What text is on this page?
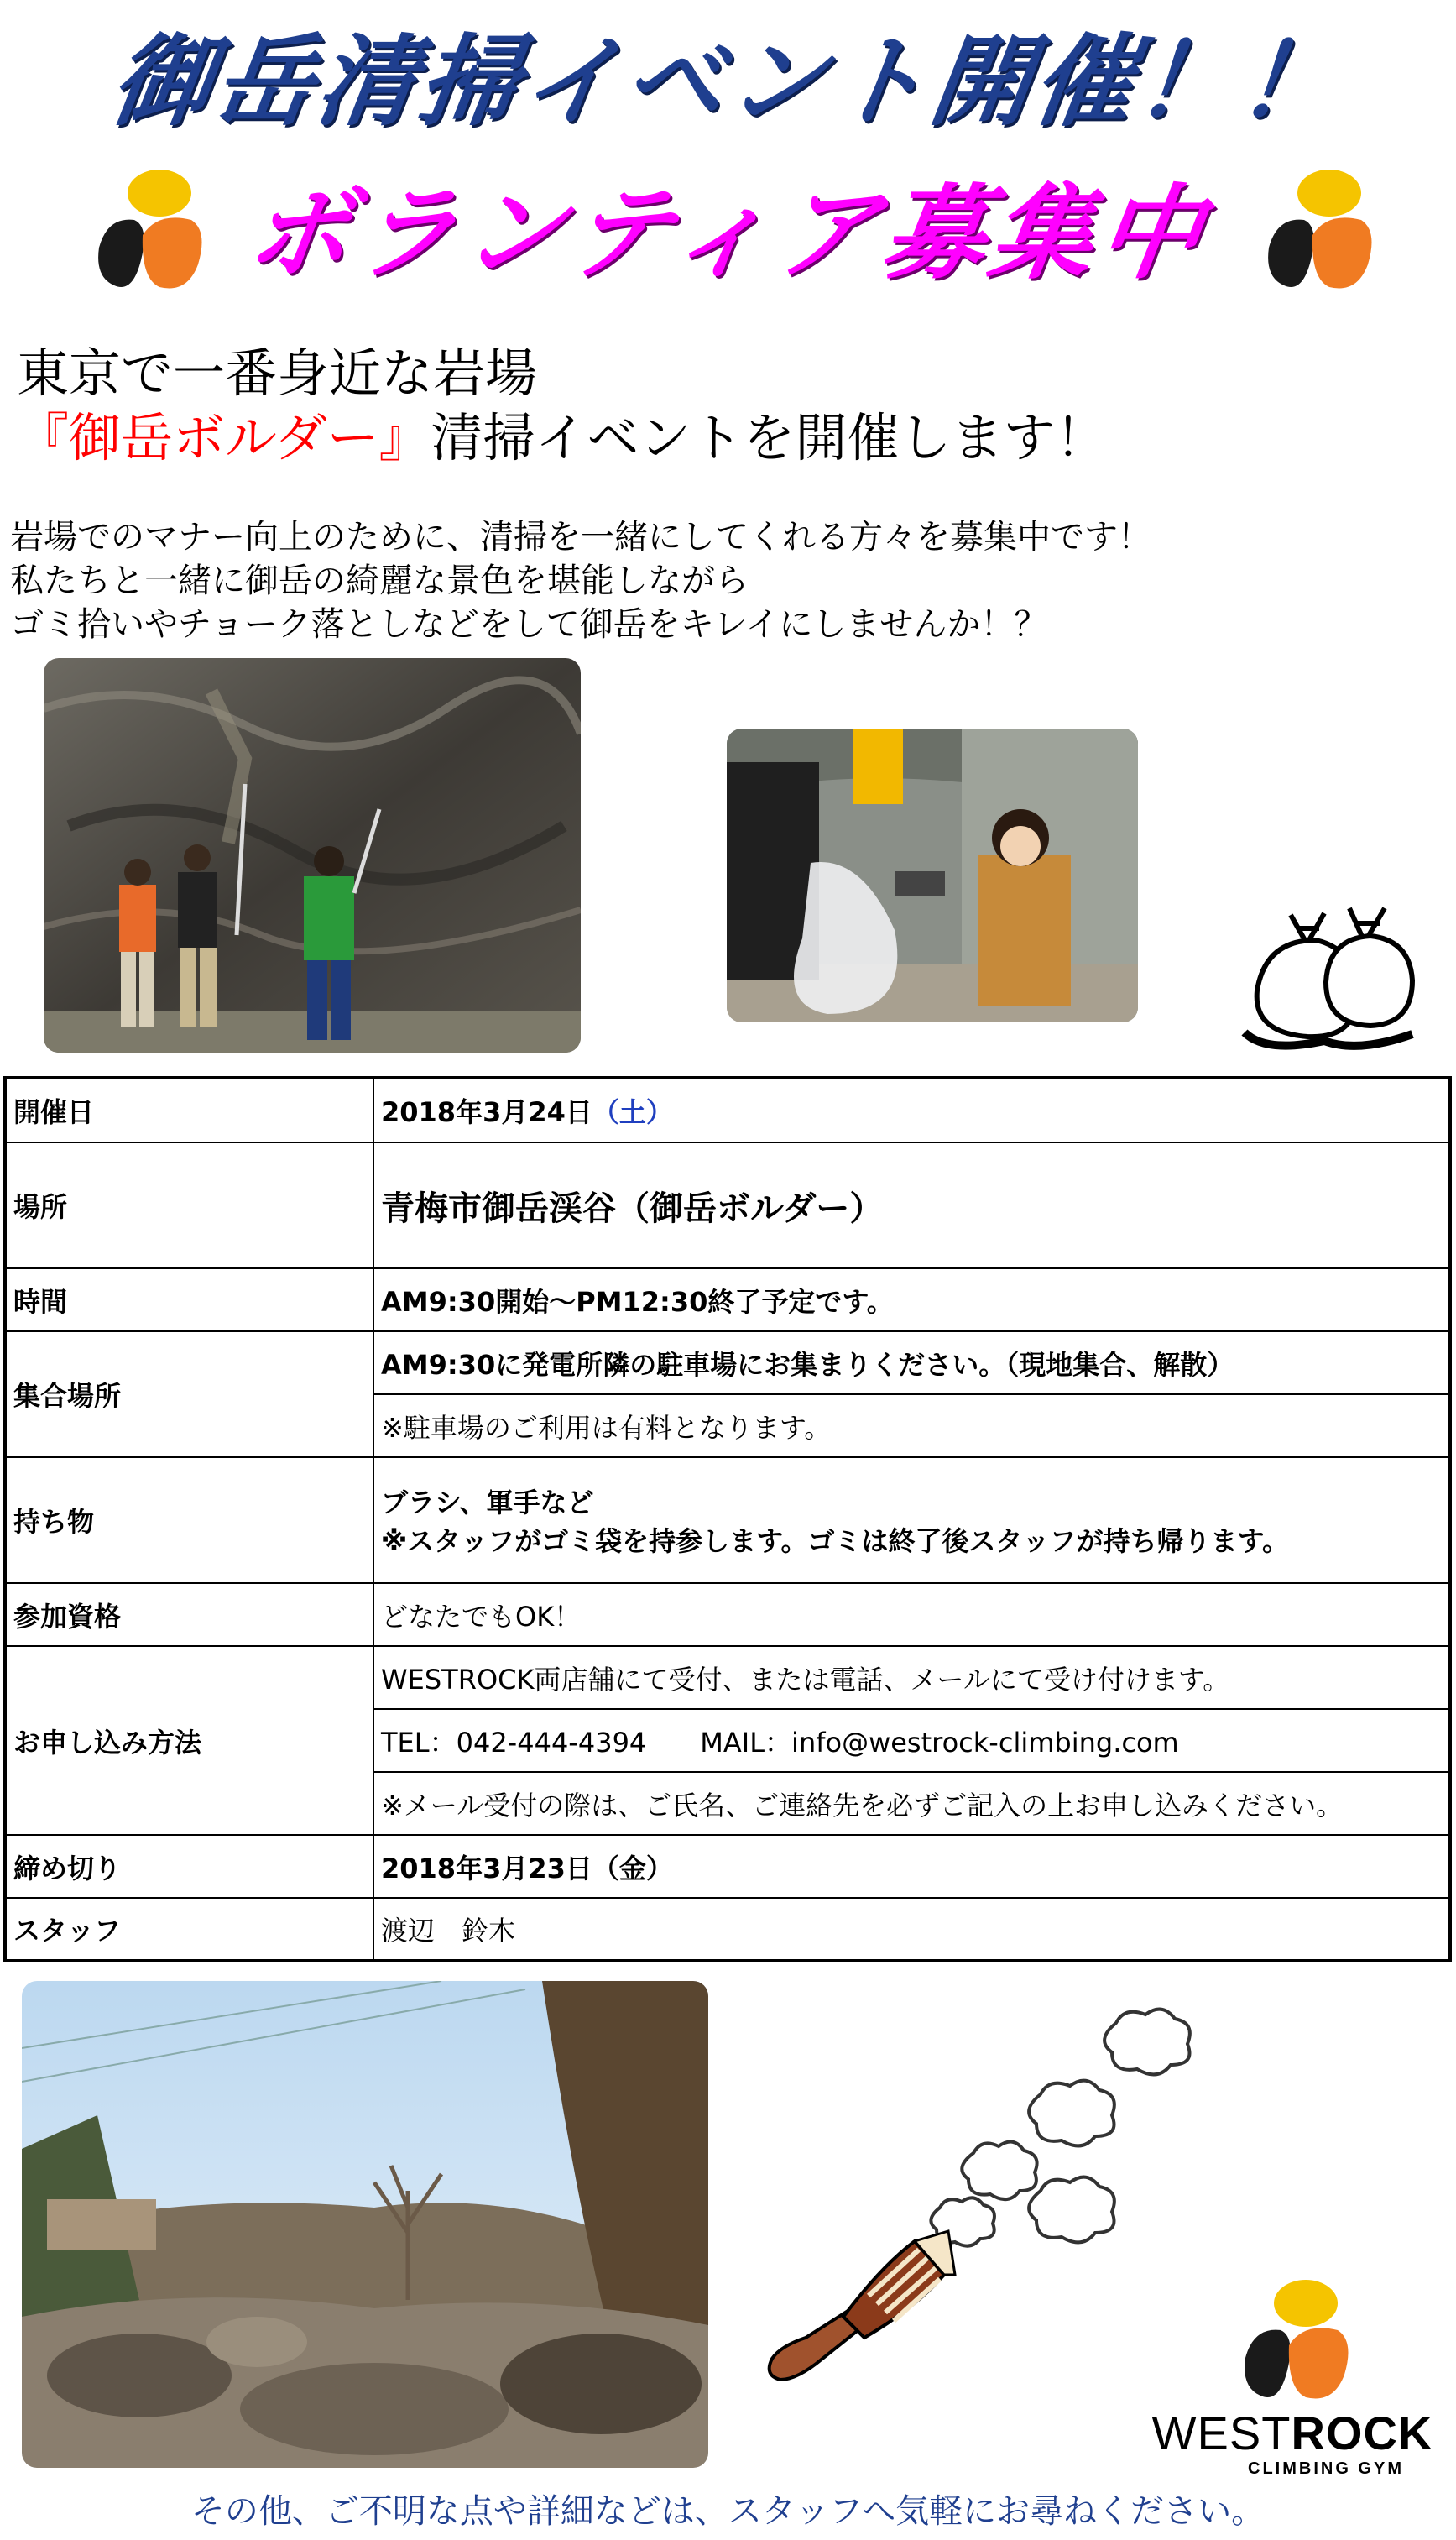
御岳清掃イベント開催！！
ボランティア募集中
東京で一番身近な岩場
『御岳ボルダー』清掃イベントを開催します！
岩場でのマナー向上のために、清掃を一緒にしてくれる方々を募集中です！
私たちと一緒に御岳の綺麗な景色を堪能しながら
ゴミ拾いやチョーク落としなどをして御岳をキレイにしませんか！？
開催日	2018年3月24日（土）
場所	青梅市御岳渓谷（御岳ボルダー）
時間	AM9:30開始～PM12:30終了予定です。
集合場所	AM9:30に発電所隣の駐車場にお集まりください。（現地集合、解散）
	※駐車場のご利用は有料となります。
持ち物	ブラシ、軍手など
※スタッフがゴミ袋を持参します。ゴミは終了後スタッフが持ち帰ります。

参加資格	どなたでもOK！
お申し込み方法	WESTROCK両店舗にて受付、または電話、メールにて受け付けます。
	TEL：042-444-4394　　MAIL：info@westrock-climbing.com
	※メール受付の際は、ご氏名、ご連絡先を必ずご記入の上お申し込みください。
締め切り	2018年3月23日（金）
スタッフ	渡辺　鈴木
WESTROCK
CLIMBING GYM
その他、ご不明な点や詳細などは、スタッフへ気軽にお尋ねください。
